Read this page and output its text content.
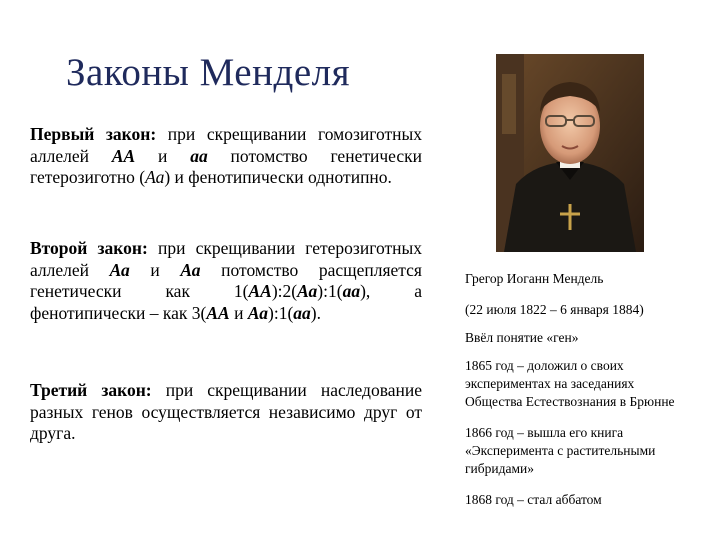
Законы Менделя
Первый закон: при скрещивании гомозиготных аллелей АА и аа потомство генетически гетерозиготно (Аа) и фенотипически однотипно.
Второй закон: при скрещивании гетерозиготных аллелей Аа и Аа потомство расщепляется генетически как 1(АА):2(Аа):1(аа), а фенотипически – как 3(АА и Аа):1(аа).
Третий закон: при скрещивании наследование разных генов осуществляется независимо друг от друга.
Грегор Иоганн Мендель
(22 июля 1822 – 6 января 1884)
Ввёл понятие «ген»
1865 год – доложил о своих
экспериментах на заседаниях
Общества Естествознания в Брюнне
1866 год – вышла его книга
«Эксперимента с растительными
гибридами»
1868 год – стал аббатом
